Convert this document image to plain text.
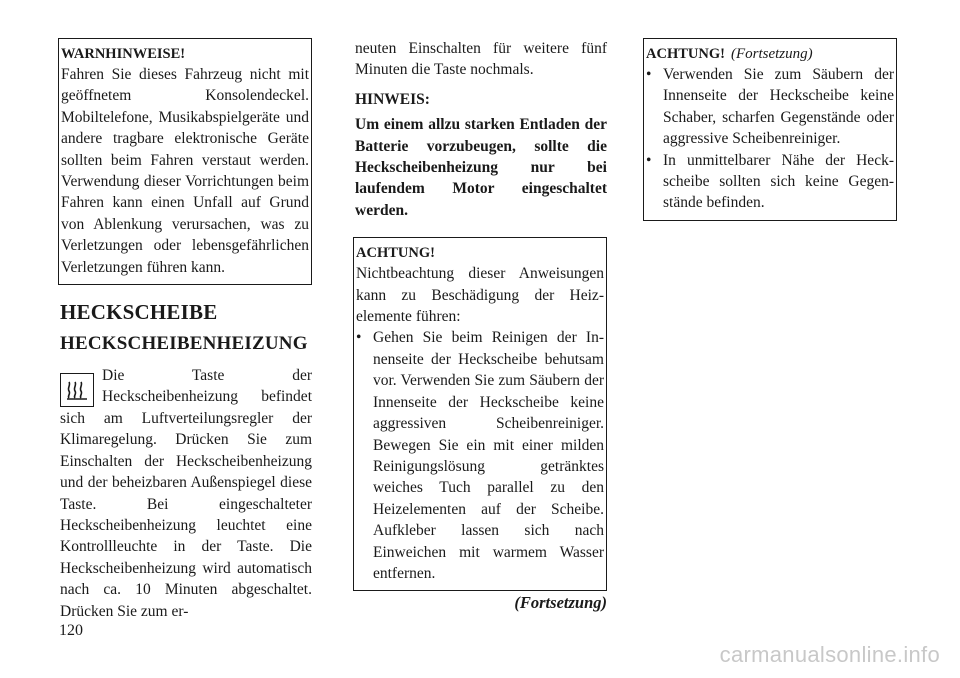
WARNHINWEISE!

Fahren Sie dieses Fahrzeug nicht mit geöffnetem Konsolendeckel. Mobiltelefone, Musikabspielgeräte und andere tragbare elektronische Geräte sollten beim Fahren verstaut werden. Verwendung dieser Vorrichtungen beim Fahren kann einen Unfall auf Grund von Ablenkung verursachen, was zu Verletzungen oder lebensgefährlichen Verletzungen führen kann.

HECKSCHEIBE
HECKSCHEIBENHEIZUNG

Die Taste der Heckscheibenheizung befindet sich am Luftverteilungsregler der Klimaregelung. Drücken Sie zum Einschalten der Heckscheibenheizung und der beheizbaren Außenspiegel diese Taste. Bei eingeschalteter Heckscheibenheizung leuchtet eine Kontrollleuchte in der Taste. Die Heckscheibenheizung wird automatisch nach ca. 10 Minuten abgeschaltet. Drücken Sie zum er-

neuten Einschalten für weitere fünf Minuten die Taste nochmals.

HINWEIS:

Um einem allzu starken Entladen der Batterie vorzubeugen, sollte die Heckscheibenheizung nur bei laufendem Motor eingeschaltet werden.

ACHTUNG!

Nichtbeachtung dieser Anweisungen kann zu Beschädigung der Heizelemente führen:

• Gehen Sie beim Reinigen der Innenseite der Heckscheibe behutsam vor. Verwenden Sie zum Säubern der Innenseite der Heckscheibe keine aggressiven Scheibenreiniger. Bewegen Sie ein mit einer milden Reinigungslösung getränktes weiches Tuch parallel zu den Heizelementen auf der Scheibe. Aufkleber lassen sich nach Einweichen mit warmem Wasser entfernen.
(Fortsetzung)

ACHTUNG! (Fortsetzung)

• Verwenden Sie zum Säubern der Innenseite der Heckscheibe keine Schaber, scharfen Gegenstände oder aggressive Scheibenreiniger.
• In unmittelbarer Nähe der Heckscheibe sollten sich keine Gegenstände befinden.
120
carmanualsonline.info
